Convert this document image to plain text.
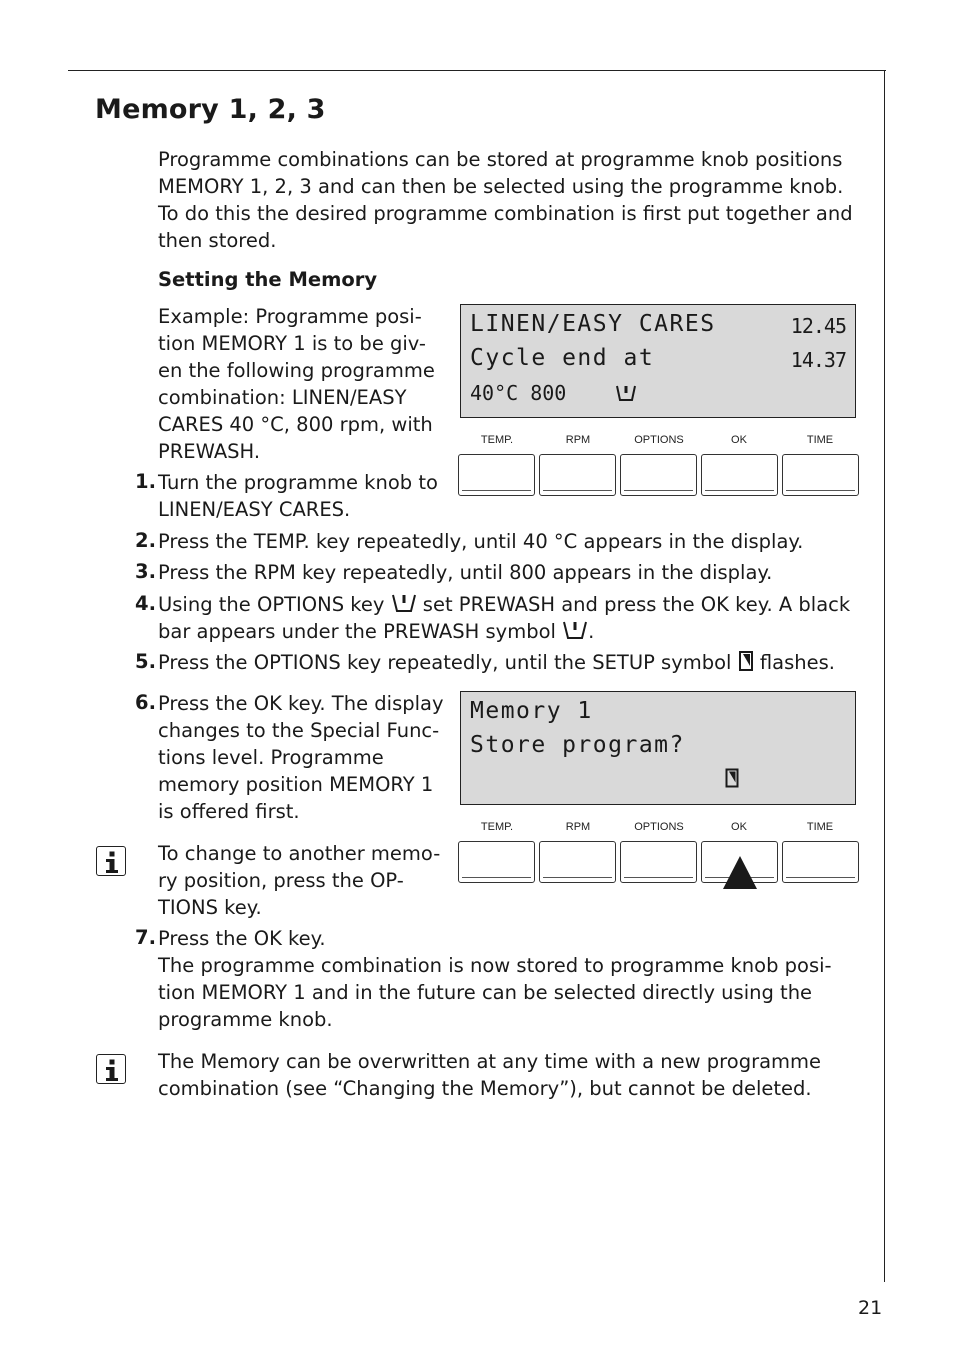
Memory 1, 2, 3

Programme combinations can be stored at programme knob positions

MEMORY 1, 2, 3 and can then be selected using the programme knob.

To do this the desired programme combination is first put together and

then stored.

Setting the Memory

Example: Programme posi-

tion MEMORY 1 is to be giv-

en the following programme

combination: LINEN/EASY

CARES 40 °C, 800 rpm, with

PREWASH.

1. Turn the programme knob to

LINEN/EASY CARES.

2. Press the TEMP. key repeatedly, until 40 °C appears in the display.

3. Press the RPM key repeatedly, until 800 appears in the display.

4. Using the OPTIONS key  set PREWASH and press the OK key. A black

bar appears under the PREWASH symbol .

5. Press the OPTIONS key repeatedly, until the SETUP symbol  flashes.

LINEN/EASY CARES	12.45
Cycle end at	14.37
40°C 800
TEMP.	RPM	OPTIONS	OK	TIME
6. Press the OK key. The display

changes to the Special Func-

tions level. Programme

memory position MEMORY 1

is offered first.

Memory 1
Store program?
TEMP.	RPM	OPTIONS	OK	TIME

To change to another memo-

ry position, press the OP-

TIONS key.

7. Press the OK key.

The programme combination is now stored to programme knob posi-

tion MEMORY 1 and in the future can be selected directly using the

programme knob.

The Memory can be overwritten at any time with a new programme

combination (see “Changing the Memory”), but cannot be deleted.

21
